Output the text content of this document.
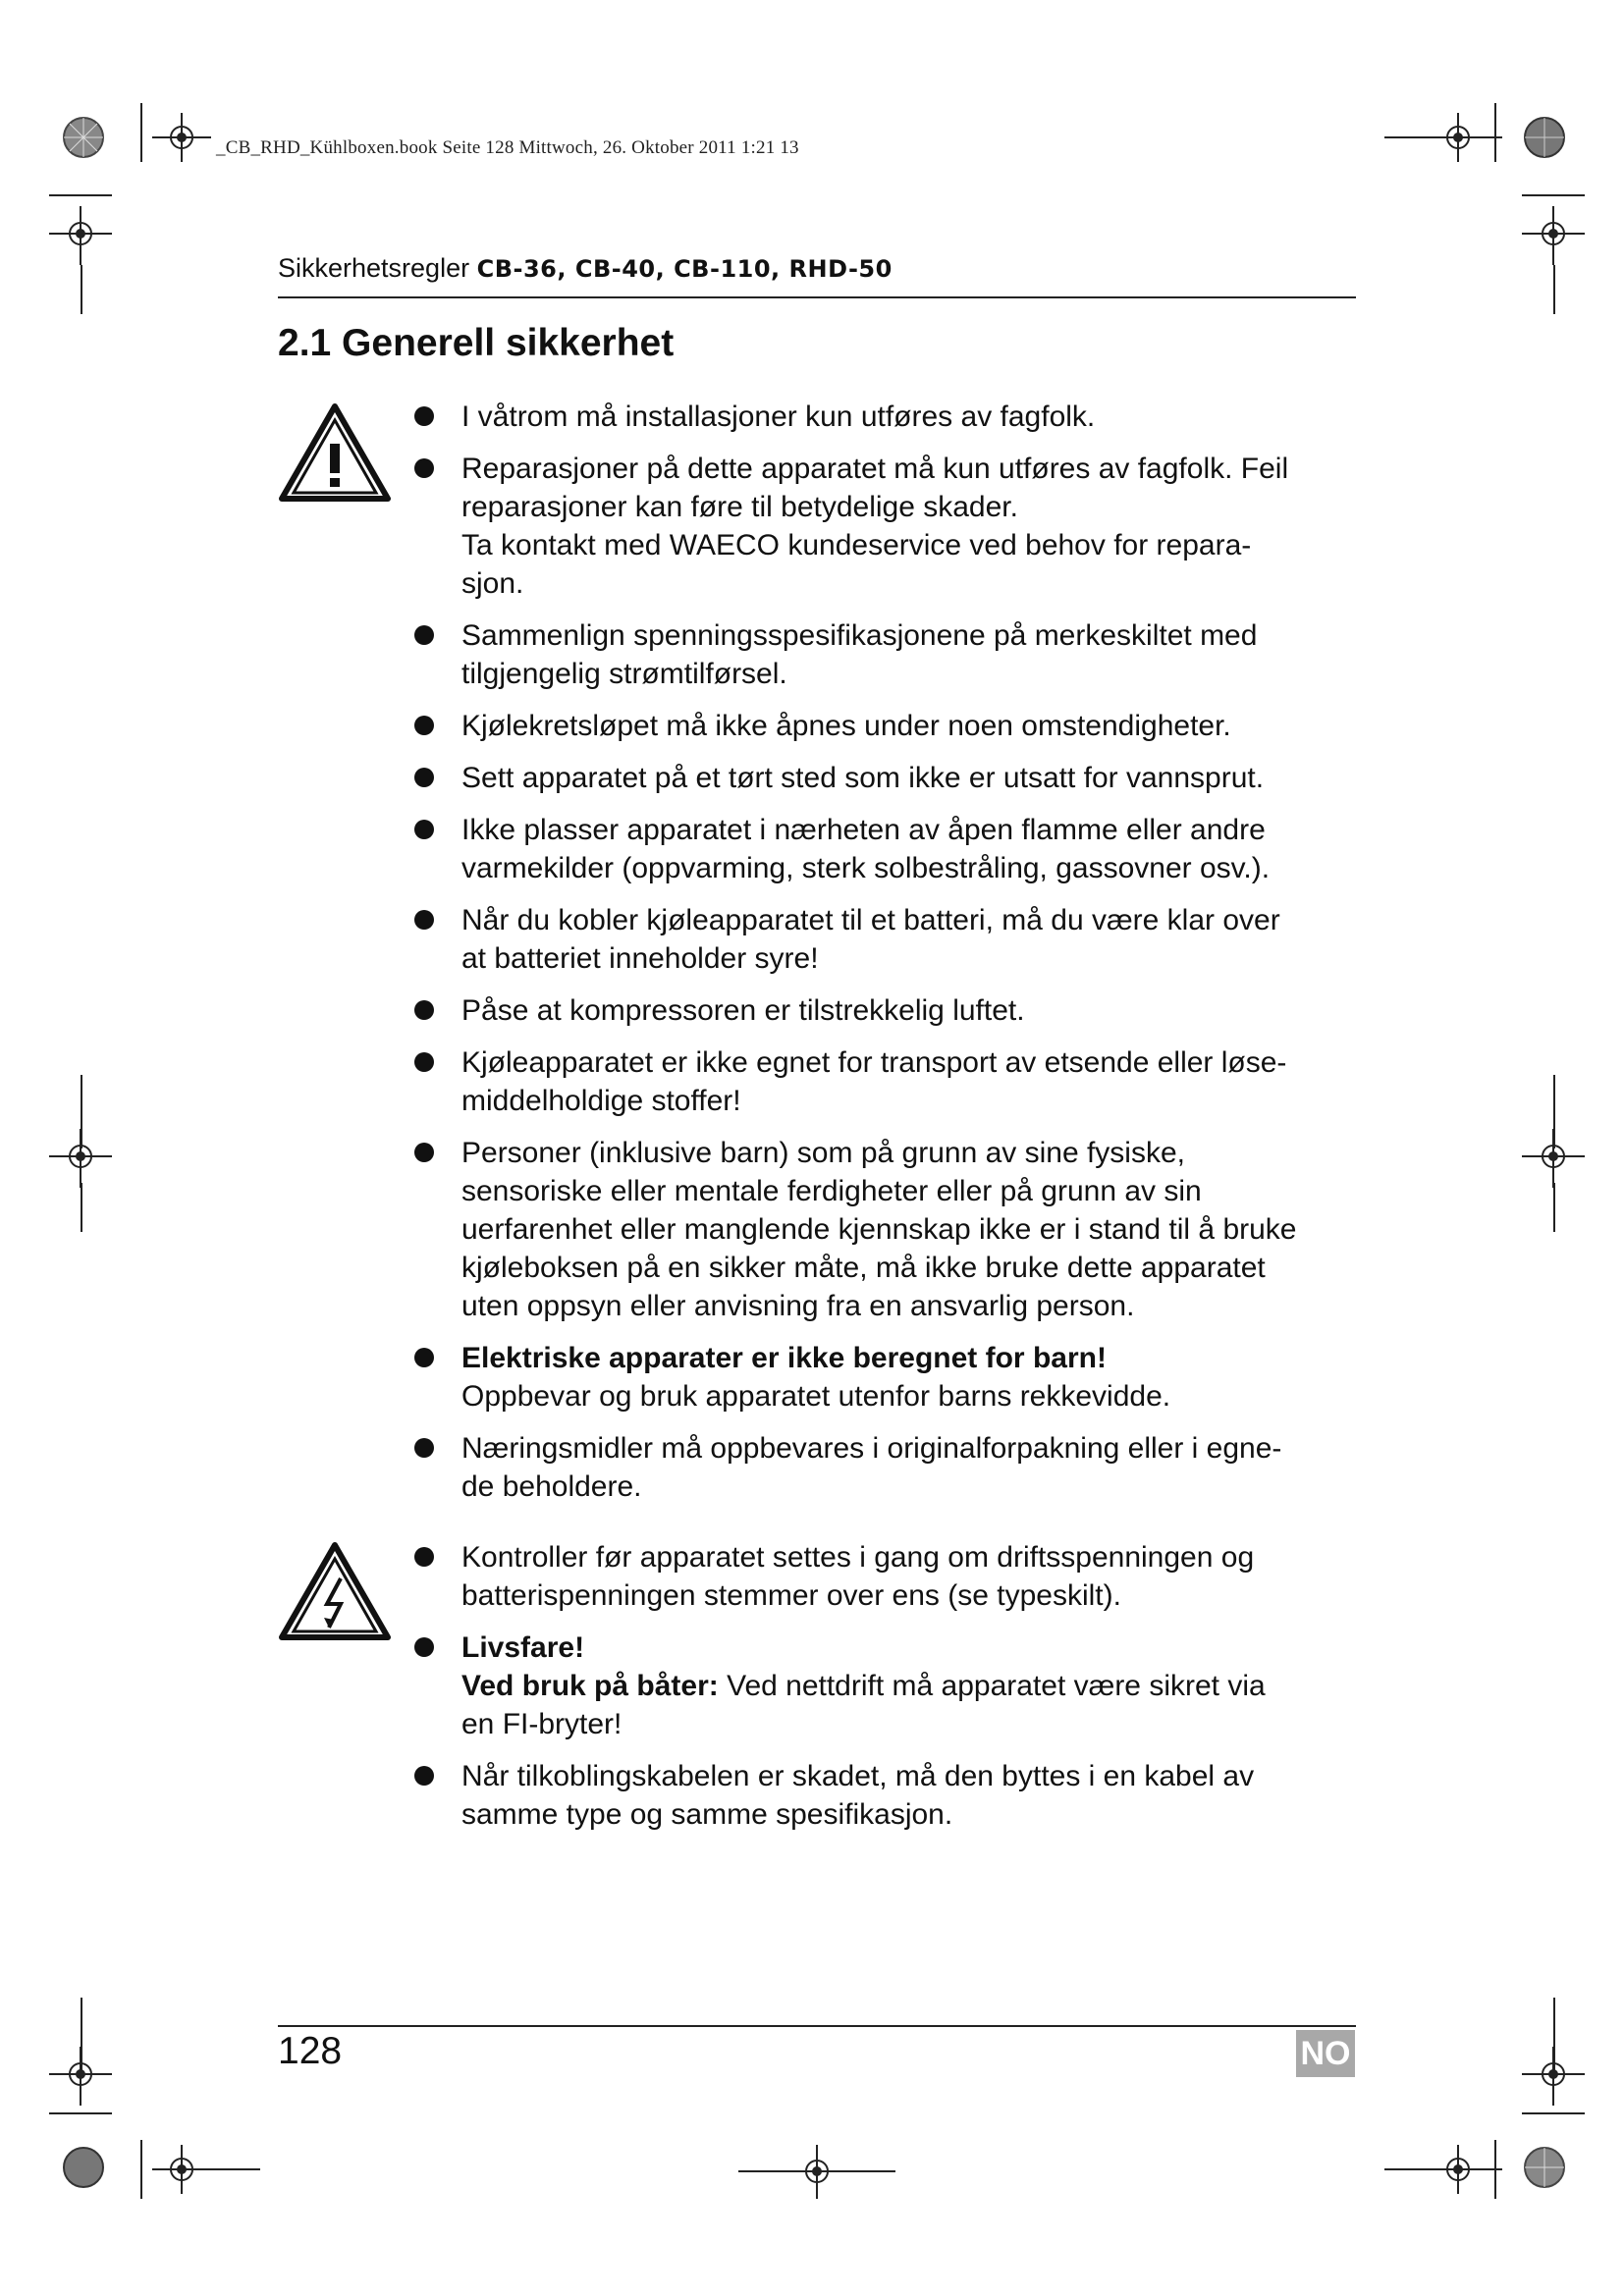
_CB_RHD_Kühlboxen.book Seite 128 Mittwoch, 26. Oktober 2011 1:21 13
Sikkerhetsregler CB-36, CB-40, CB-110, RHD-50
2.1 Generell sikkerhet
I våtrom må installasjoner kun utføres av fagfolk.
Reparasjoner på dette apparatet må kun utføres av fagfolk. Feil
reparasjoner kan føre til betydelige skader.
Ta kontakt med WAECO kundeservice ved behov for repara-
sjon.
Sammenlign spenningsspesifikasjonene på merkeskiltet med
tilgjengelig strømtilførsel.
Kjølekretsløpet må ikke åpnes under noen omstendigheter.
Sett apparatet på et tørt sted som ikke er utsatt for vannsprut.
Ikke plasser apparatet i nærheten av åpen flamme eller andre
varmekilder (oppvarming, sterk solbestråling, gassovner osv.).
Når du kobler kjøleapparatet til et batteri, må du være klar over
at batteriet inneholder syre!
Påse at kompressoren er tilstrekkelig luftet.
Kjøleapparatet er ikke egnet for transport av etsende eller løse-
middelholdige stoffer!
Personer (inklusive barn) som på grunn av sine fysiske,
sensoriske eller mentale ferdigheter eller på grunn av sin
uerfarenhet eller manglende kjennskap ikke er i stand til å bruke
kjøleboksen på en sikker måte, må ikke bruke dette apparatet
uten oppsyn eller anvisning fra en ansvarlig person.
Elektriske apparater er ikke beregnet for barn!
Oppbevar og bruk apparatet utenfor barns rekkevidde.
Næringsmidler må oppbevares i originalforpakning eller i egne-
de beholdere.
Kontroller før apparatet settes i gang om driftsspenningen og
batterispenningen stemmer over ens (se typeskilt).
Livsfare!
Ved bruk på båter: Ved nettdrift må apparatet være sikret via
en FI-bryter!
Når tilkoblingskabelen er skadet, må den byttes i en kabel av
samme type og samme spesifikasjon.
128	NO
